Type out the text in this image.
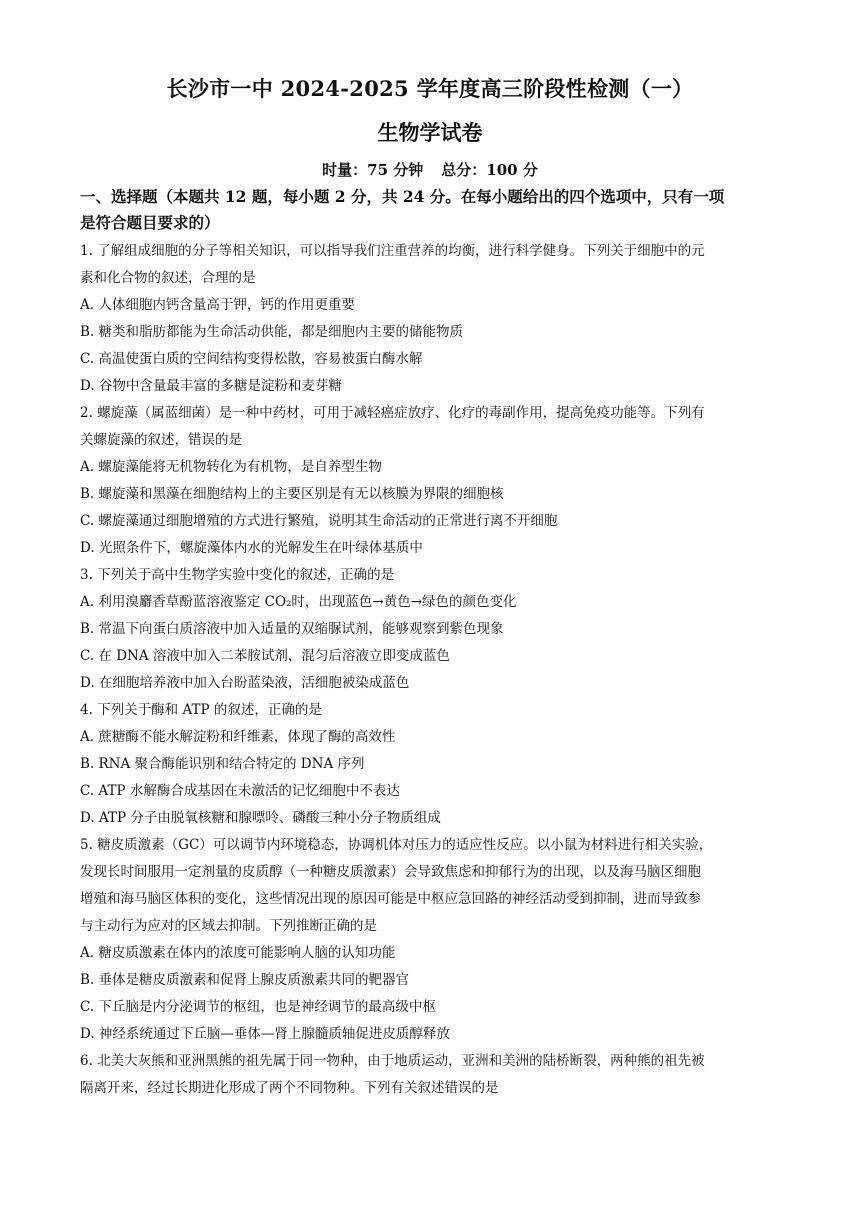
长沙市一中 2024-2025 学年度高三阶段性检测（一）
生物学试卷
时量：75 分钟 总分：100 分
一、选择题（本题共 12 题，每小题 2 分，共 24 分。在每小题给出的四个选项中，只有一项
是符合题目要求的）
1. 了解组成细胞的分子等相关知识，可以指导我们注重营养的均衡，进行科学健身。下列关于细胞中的元
素和化合物的叙述，合理的是
A. 人体细胞内钙含量高于钾，钙的作用更重要
B. 糖类和脂肪都能为生命活动供能，都是细胞内主要的储能物质
C. 高温使蛋白质的空间结构变得松散，容易被蛋白酶水解
D. 谷物中含量最丰富的多糖是淀粉和麦芽糖
2. 螺旋藻（属蓝细菌）是一种中药材，可用于减轻癌症放疗、化疗的毒副作用，提高免疫功能等。下列有
关螺旋藻的叙述，错误的是
A. 螺旋藻能将无机物转化为有机物，是自养型生物
B. 螺旋藻和黑藻在细胞结构上的主要区别是有无以核膜为界限的细胞核
C. 螺旋藻通过细胞增殖的方式进行繁殖，说明其生命活动的正常进行离不开细胞
D. 光照条件下，螺旋藻体内水的光解发生在叶绿体基质中
3. 下列关于高中生物学实验中变化的叙述，正确的是
A. 利用溴麝香草酚蓝溶液鉴定 CO₂时，出现蓝色→黄色→绿色的颜色变化
B. 常温下向蛋白质溶液中加入适量的双缩脲试剂，能够观察到紫色现象
C. 在 DNA 溶液中加入二苯胺试剂，混匀后溶液立即变成蓝色
D. 在细胞培养液中加入台盼蓝染液，活细胞被染成蓝色
4. 下列关于酶和 ATP 的叙述，正确的是
A. 蔗糖酶不能水解淀粉和纤维素，体现了酶的高效性
B. RNA 聚合酶能识别和结合特定的 DNA 序列
C. ATP 水解酶合成基因在未激活的记忆细胞中不表达
D. ATP 分子由脱氧核糖和腺嘌呤、磷酸三种小分子物质组成
5. 糖皮质激素（GC）可以调节内环境稳态，协调机体对压力的适应性反应。以小鼠为材料进行相关实验，
发现长时间服用一定剂量的皮质醇（一种糖皮质激素）会导致焦虑和抑郁行为的出现，以及海马脑区细胞
增殖和海马脑区体积的变化，这些情况出现的原因可能是中枢应急回路的神经活动受到抑制，进而导致参
与主动行为应对的区域去抑制。下列推断正确的是
A. 糖皮质激素在体内的浓度可能影响人脑的认知功能
B. 垂体是糖皮质激素和促肾上腺皮质激素共同的靶器官
C. 下丘脑是内分泌调节的枢纽，也是神经调节的最高级中枢
D. 神经系统通过下丘脑—垂体—肾上腺髓质轴促进皮质醇释放
6. 北美大灰熊和亚洲黑熊的祖先属于同一物种，由于地质运动，亚洲和美洲的陆桥断裂，两种熊的祖先被
隔离开来，经过长期进化形成了两个不同物种。下列有关叙述错误的是
